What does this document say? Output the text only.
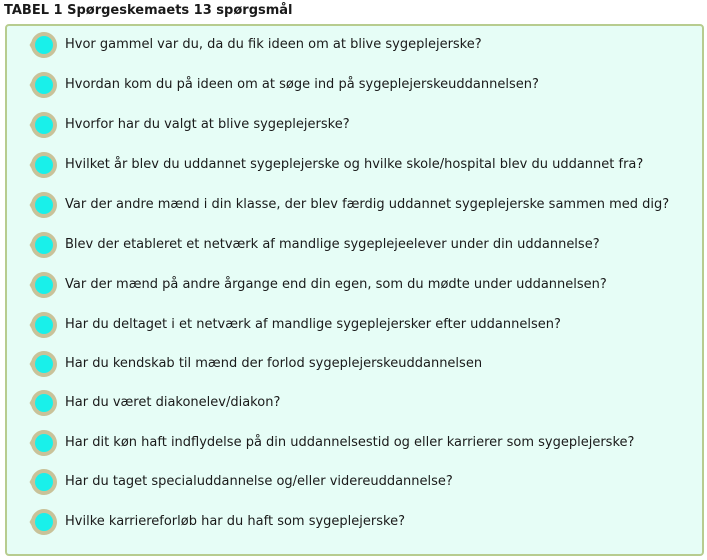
TABEL 1 Spørgeskemaets 13 spørgsmål
Hvor gammel var du, da du fik ideen om at blive sygeplejerske?
Hvordan kom du på ideen om at søge ind på sygeplejerskeuddannelsen?
Hvorfor har du valgt at blive sygeplejerske?
Hvilket år blev du uddannet sygeplejerske og hvilke skole/hospital blev du uddannet fra?
Var der andre mænd i din klasse, der blev færdig uddannet sygeplejerske sammen med dig?
Blev der etableret et netværk af mandlige sygeplejeelever under din uddannelse?
Var der mænd på andre årgange end din egen, som du mødte under uddannelsen?
Har du deltaget i et netværk af mandlige sygeplejersker efter uddannelsen?
Har du kendskab til mænd der forlod sygeplejerskeuddannelsen
Har du været diakonelev/diakon?
Har dit køn haft indflydelse på din uddannelsestid og eller karrierer som sygeplejerske?
Har du taget specialuddannelse og/eller videreuddannelse?
Hvilke karriereforløb har du haft som sygeplejerske?
